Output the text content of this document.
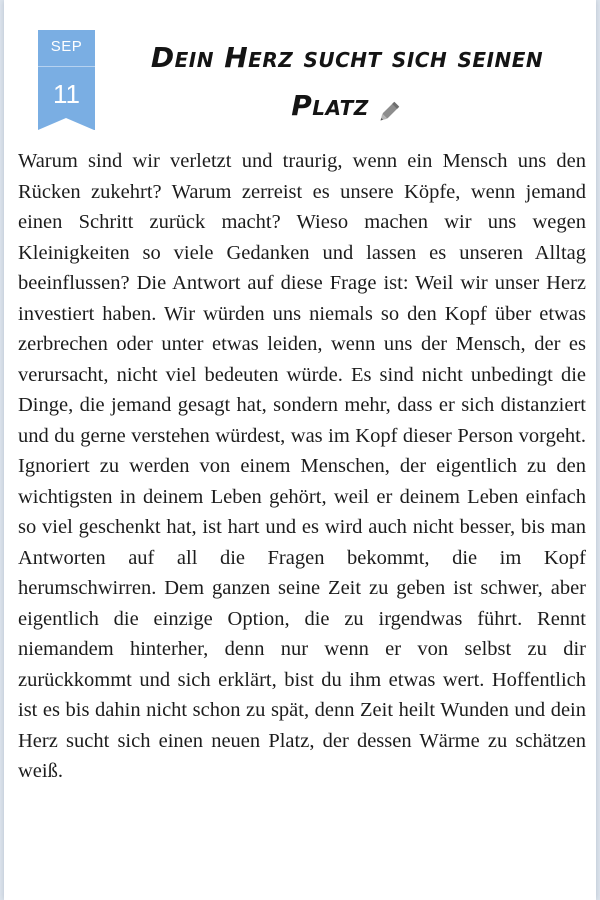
SEP
11
Dein Herz sucht sich seinen Platz

Warum sind wir verletzt und traurig, wenn ein Mensch uns den Rücken zukehrt? Warum zerreist es unsere Köpfe, wenn jemand einen Schritt zurück macht? Wieso machen wir uns wegen Kleinigkeiten so viele Gedanken und lassen es unseren Alltag beeinflussen? Die Antwort auf diese Frage ist: Weil wir unser Herz investiert haben. Wir würden uns niemals so den Kopf über etwas zerbrechen oder unter etwas leiden, wenn uns der Mensch, der es verursacht, nicht viel bedeuten würde. Es sind nicht unbedingt die Dinge, die jemand gesagt hat, sondern mehr, dass er sich distanziert und du gerne verstehen würdest, was im Kopf dieser Person vorgeht. Ignoriert zu werden von einem Menschen, der eigentlich zu den wichtigsten in deinem Leben gehört, weil er deinem Leben einfach so viel geschenkt hat, ist hart und es wird auch nicht besser, bis man Antworten auf all die Fragen bekommt, die im Kopf herumschwirren. Dem ganzen seine Zeit zu geben ist schwer, aber eigentlich die einzige Option, die zu irgendwas führt. Rennt niemandem hinterher, denn nur wenn er von selbst zu dir zurückkommt und sich erklärt, bist du ihm etwas wert. Hoffentlich ist es bis dahin nicht schon zu spät, denn Zeit heilt Wunden und dein Herz sucht sich einen neuen Platz, der dessen Wärme zu schätzen weiß.
